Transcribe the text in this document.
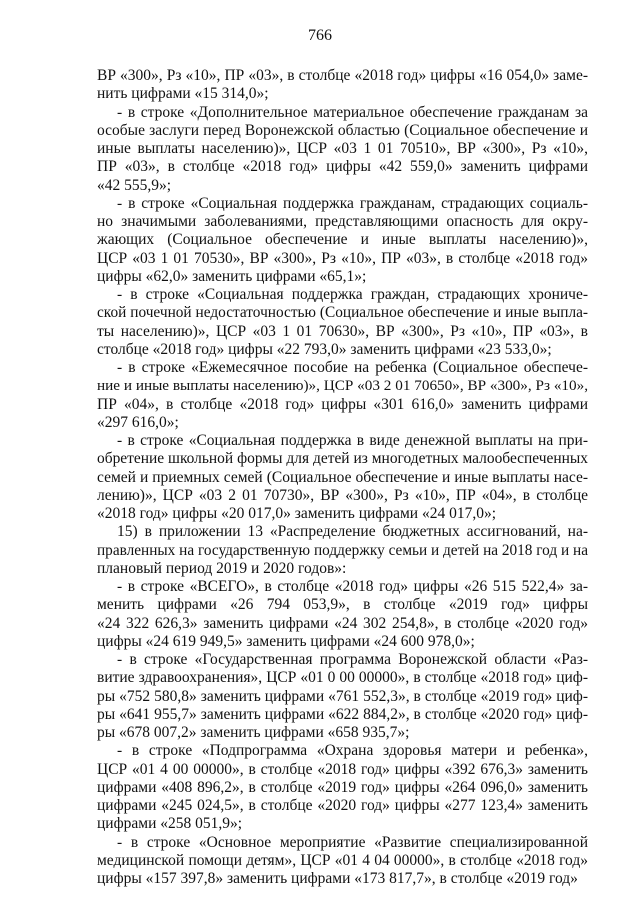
766
ВР «300», Рз «10», ПР «03», в столбце «2018 год» цифры «16 054,0» заме-
нить цифрами «15 314,0»;
- в строке «Дополнительное материальное обеспечение гражданам за
особые заслуги перед Воронежской областью (Социальное обеспечение и
иные выплаты населению)», ЦСР «03 1 01 70510», ВР «300», Рз «10»,
ПР «03», в столбце «2018 год» цифры «42 559,0» заменить цифрами
«42 555,9»;
- в строке «Социальная поддержка гражданам, страдающих социаль-
но значимыми заболеваниями, представляющими опасность для окру-
жающих (Социальное обеспечение и иные выплаты населению)»,
ЦСР «03 1 01 70530», ВР «300», Рз «10», ПР «03», в столбце «2018 год»
цифры «62,0» заменить цифрами «65,1»;
- в строке «Социальная поддержка граждан, страдающих хрониче-
ской почечной недостаточностью (Социальное обеспечение и иные выпла-
ты населению)», ЦСР «03 1 01 70630», ВР «300», Рз «10», ПР «03», в
столбце «2018 год» цифры «22 793,0» заменить цифрами «23 533,0»;
- в строке «Ежемесячное пособие на ребенка (Социальное обеспече-
ние и иные выплаты населению)», ЦСР «03 2 01 70650», ВР «300», Рз «10»,
ПР «04», в столбце «2018 год» цифры «301 616,0» заменить цифрами
«297 616,0»;
- в строке «Социальная поддержка в виде денежной выплаты на при-
обретение школьной формы для детей из многодетных малообеспеченных
семей и приемных семей (Социальное обеспечение и иные выплаты насе-
лению)», ЦСР «03 2 01 70730», ВР «300», Рз «10», ПР «04», в столбце
«2018 год» цифры «20 017,0» заменить цифрами «24 017,0»;
15) в приложении 13 «Распределение бюджетных ассигнований, на-
правленных на государственную поддержку семьи и детей на 2018 год и на
плановый период 2019 и 2020 годов»:
- в строке «ВСЕГО», в столбце «2018 год» цифры «26 515 522,4» за-
менить цифрами «26 794 053,9», в столбце «2019 год» цифры
«24 322 626,3» заменить цифрами «24 302 254,8», в столбце «2020 год»
цифры «24 619 949,5» заменить цифрами «24 600 978,0»;
- в строке «Государственная программа Воронежской области «Раз-
витие здравоохранения», ЦСР «01 0 00 00000», в столбце «2018 год» циф-
ры «752 580,8» заменить цифрами «761 552,3», в столбце «2019 год» циф-
ры «641 955,7» заменить цифрами «622 884,2», в столбце «2020 год» циф-
ры «678 007,2» заменить цифрами «658 935,7»;
- в строке «Подпрограмма «Охрана здоровья матери и ребенка»,
ЦСР «01 4 00 00000», в столбце «2018 год» цифры «392 676,3» заменить
цифрами «408 896,2», в столбце «2019 год» цифры «264 096,0» заменить
цифрами «245 024,5», в столбце «2020 год» цифры «277 123,4» заменить
цифрами «258 051,9»;
- в строке «Основное мероприятие «Развитие специализированной
медицинской помощи детям», ЦСР «01 4 04 00000», в столбце «2018 год»
цифры «157 397,8» заменить цифрами «173 817,7», в столбце «2019 год»
